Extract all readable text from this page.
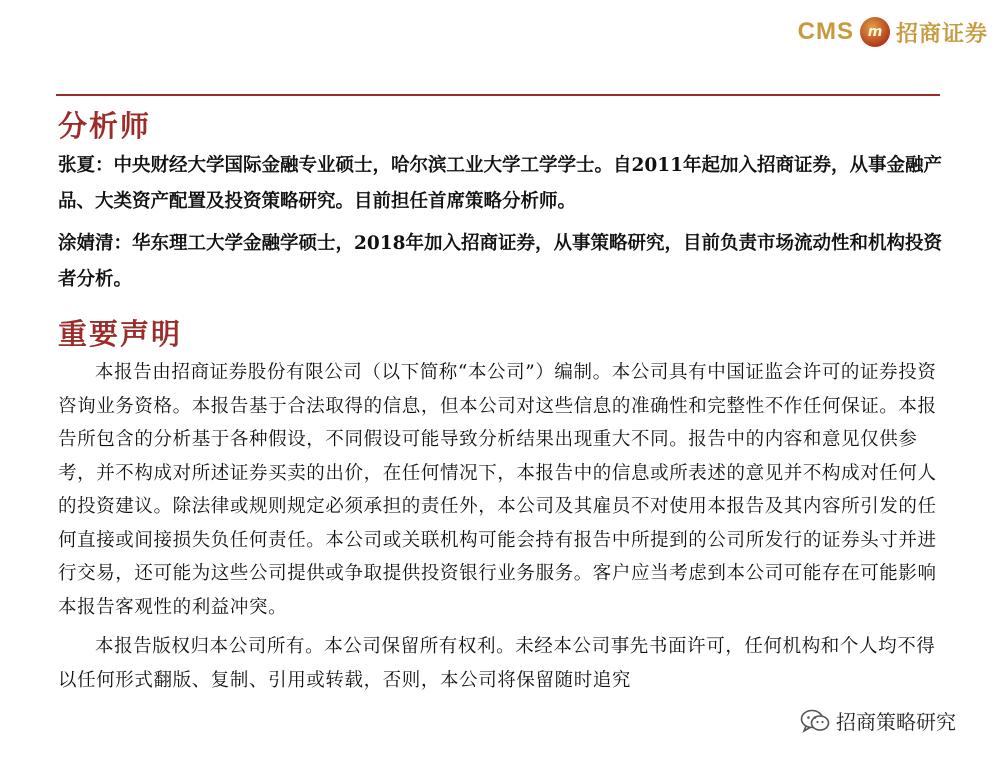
CMS m 招商证券
分析师

张夏：中央财经大学国际金融专业硕士，哈尔滨工业大学工学学士。自2011年起加入招商证券，从事金融产品、大类资产配置及投资策略研究。目前担任首席策略分析师。

涂婧清：华东理工大学金融学硕士，2018年加入招商证券，从事策略研究，目前负责市场流动性和机构投资者分析。

重要声明

本报告由招商证券股份有限公司（以下简称“本公司”）编制。本公司具有中国证监会许可的证券投资咨询业务资格。本报告基于合法取得的信息，但本公司对这些信息的准确性和完整性不作任何保证。本报告所包含的分析基于各种假设，不同假设可能导致分析结果出现重大不同。报告中的内容和意见仅供参考，并不构成对所述证券买卖的出价，在任何情况下，本报告中的信息或所表述的意见并不构成对任何人的投资建议。除法律或规则规定必须承担的责任外，本公司及其雇员不对使用本报告及其内容所引发的任何直接或间接损失负任何责任。本公司或关联机构可能会持有报告中所提到的公司所发行的证券头寸并进行交易，还可能为这些公司提供或争取提供投资银行业务服务。客户应当考虑到本公司可能存在可能影响本报告客观性的利益冲突。

本报告版权归本公司所有。本公司保留所有权利。未经本公司事先书面许可，任何机构和个人均不得以任何形式翻版、复制、引用或转载，否则，本公司将保留随时追究

招商策略研究
